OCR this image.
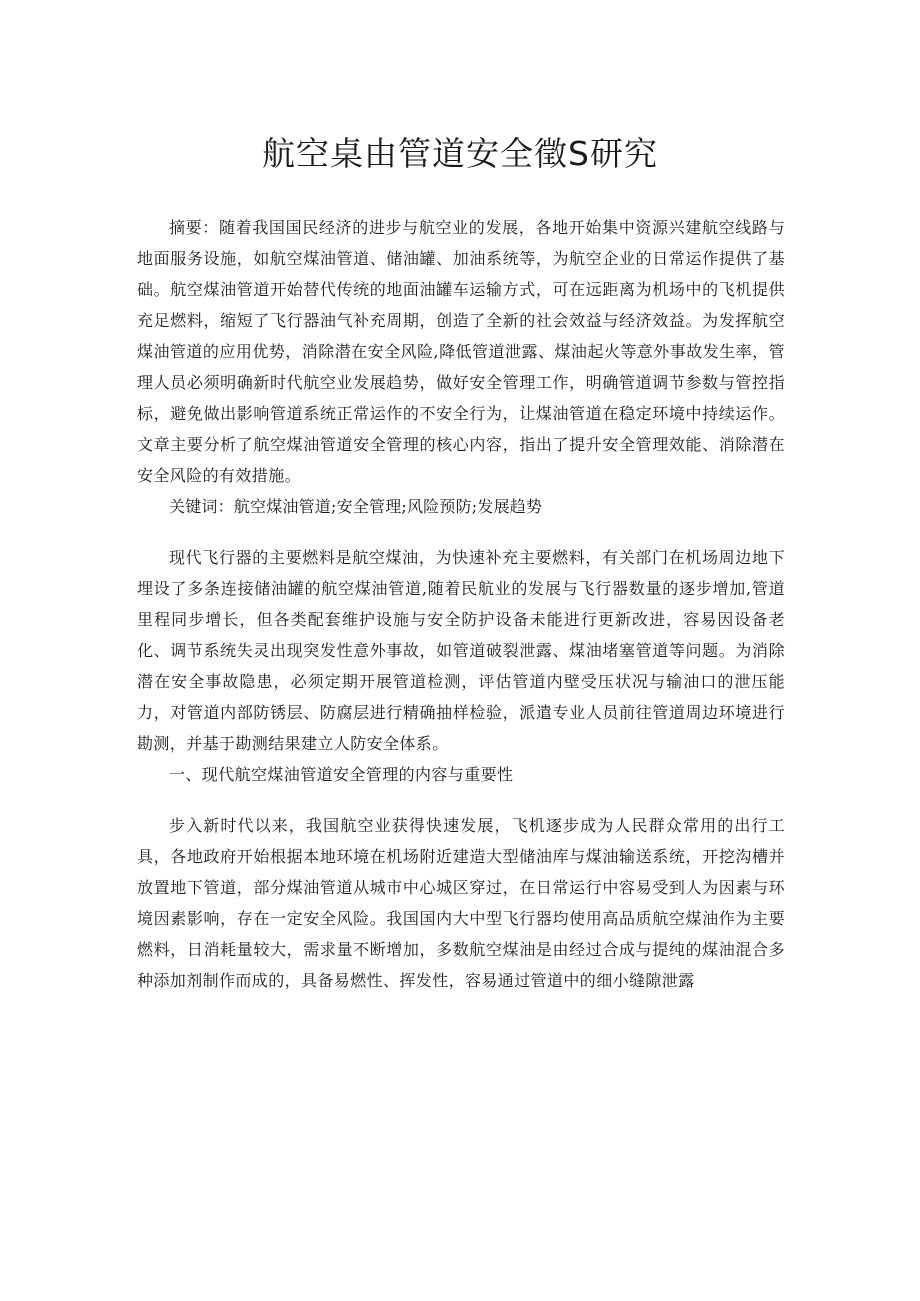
航空桌由管道安全徵S研究

摘要：随着我国国民经济的进步与航空业的发展，各地开始集中资源兴建航空线路与地面服务设施，如航空煤油管道、储油罐、加油系统等，为航空企业的日常运作提供了基础。航空煤油管道开始替代传统的地面油罐车运输方式，可在远距离为机场中的飞机提供充足燃料，缩短了飞行器油气补充周期，创造了全新的社会效益与经济效益。为发挥航空煤油管道的应用优势，消除潜在安全风险,降低管道泄露、煤油起火等意外事故发生率，管理人员必须明确新时代航空业发展趋势，做好安全管理工作，明确管道调节参数与管控指标，避免做出影响管道系统正常运作的不安全行为，让煤油管道在稳定环境中持续运作。文章主要分析了航空煤油管道安全管理的核心内容，指出了提升安全管理效能、消除潜在安全风险的有效措施。

关键词：航空煤油管道;安全管理;风险预防;发展趋势

现代飞行器的主要燃料是航空煤油，为快速补充主要燃料，有关部门在机场周边地下埋设了多条连接储油罐的航空煤油管道,随着民航业的发展与飞行器数量的逐步增加,管道里程同步增长，但各类配套维护设施与安全防护设备未能进行更新改进，容易因设备老化、调节系统失灵出现突发性意外事故，如管道破裂泄露、煤油堵塞管道等问题。为消除潜在安全事故隐患，必须定期开展管道检测，评估管道内壁受压状况与输油口的泄压能力，对管道内部防锈层、防腐层进行精确抽样检验，派遣专业人员前往管道周边环境进行勘测，并基于勘测结果建立人防安全体系。

一、现代航空煤油管道安全管理的内容与重要性

步入新时代以来，我国航空业获得快速发展，飞机逐步成为人民群众常用的出行工具，各地政府开始根据本地环境在机场附近建造大型储油库与煤油输送系统，开挖沟槽并放置地下管道，部分煤油管道从城市中心城区穿过，在日常运行中容易受到人为因素与环境因素影响，存在一定安全风险。我国国内大中型飞行器均使用高品质航空煤油作为主要燃料，日消耗量较大，需求量不断增加，多数航空煤油是由经过合成与提纯的煤油混合多种添加剂制作而成的，具备易燃性、挥发性，容易通过管道中的细小缝隙泄露
